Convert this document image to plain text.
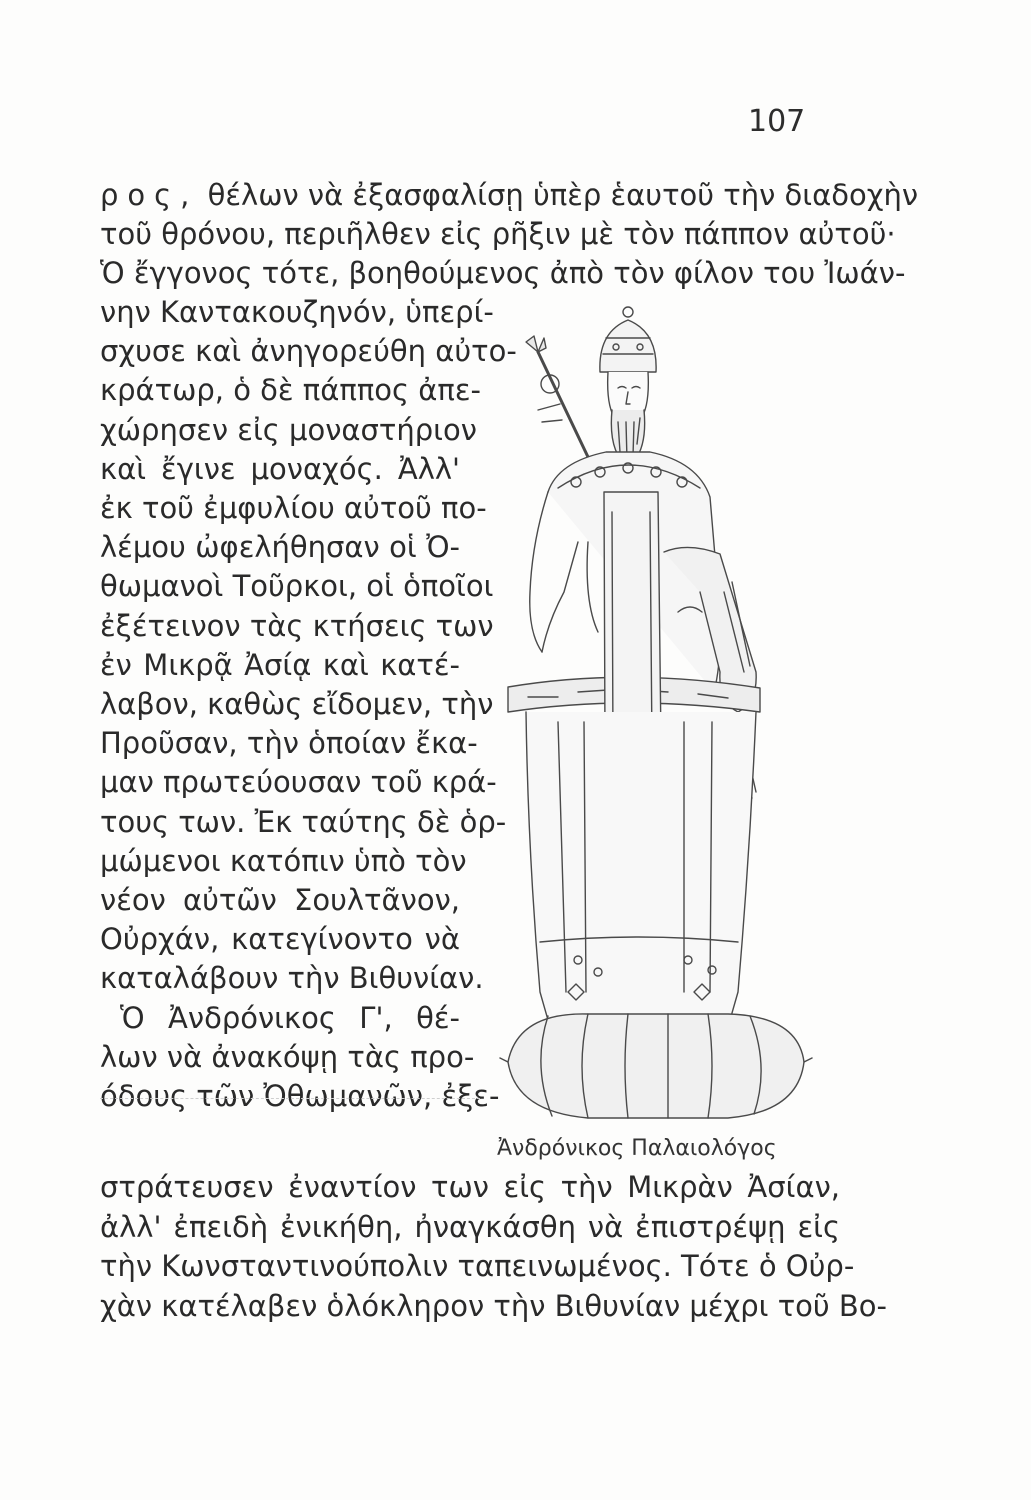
107
ρος, θέλων νὰ ἐξασφαλίσῃ ὑπὲρ ἑαυτοῦ τὴν διαδοχὴν
τοῦ θρόνου, περιῆλθεν εἰς ρῆξιν μὲ τὸν πάππον αὐτοῦ·
Ὁ ἔγγονος τότε, βοηθούμενος ἀπὸ τὸν φίλον του Ἰωάν-
νην Καντακουζηνόν, ὑπερί-
σχυσε καὶ ἀνηγορεύθη αὐτο-
κράτωρ, ὁ δὲ πάππος ἀπε-
χώρησεν εἰς μοναστήριον
καὶ ἔγινε μοναχός. Ἀλλ'
ἐκ τοῦ ἐμφυλίου αὐτοῦ πο-
λέμου ὠφελήθησαν οἱ Ὀ-
θωμανοὶ Τοῦρκοι, οἱ ὁποῖοι
ἐξέτεινον τὰς κτήσεις των
ἐν Μικρᾷ Ἀσίᾳ καὶ κατέ-
λαβον, καθὼς εἴδομεν, τὴν
Προῦσαν, τὴν ὁποίαν ἔκα-
μαν πρωτεύουσαν τοῦ κρά-
τους των. Ἐκ ταύτης δὲ ὁρ-
μώμενοι κατόπιν ὑπὸ τὸν
νέον αὐτῶν Σουλτᾶνον,
Οὐρχάν, κατεγίνοντο νὰ
καταλάβουν τὴν Βιθυνίαν.
Ὁ Ἀνδρόνικος Γ', θέ-
λων νὰ ἀνακόψῃ τὰς προ-
όδους τῶν Ὀθωμανῶν, ἐξε-
Ἀνδρόνικος Παλαιολόγος
στράτευσεν ἐναντίον των εἰς τὴν Μικρὰν Ἀσίαν,
ἀλλ' ἐπειδὴ ἐνικήθη, ἠναγκάσθη νὰ ἐπιστρέψῃ εἰς
τὴν Κωνσταντινούπολιν ταπεινωμένος. Τότε ὁ Οὐρ-
χὰν κατέλαβεν ὁλόκληρον τὴν Βιθυνίαν μέχρι τοῦ Βο-
